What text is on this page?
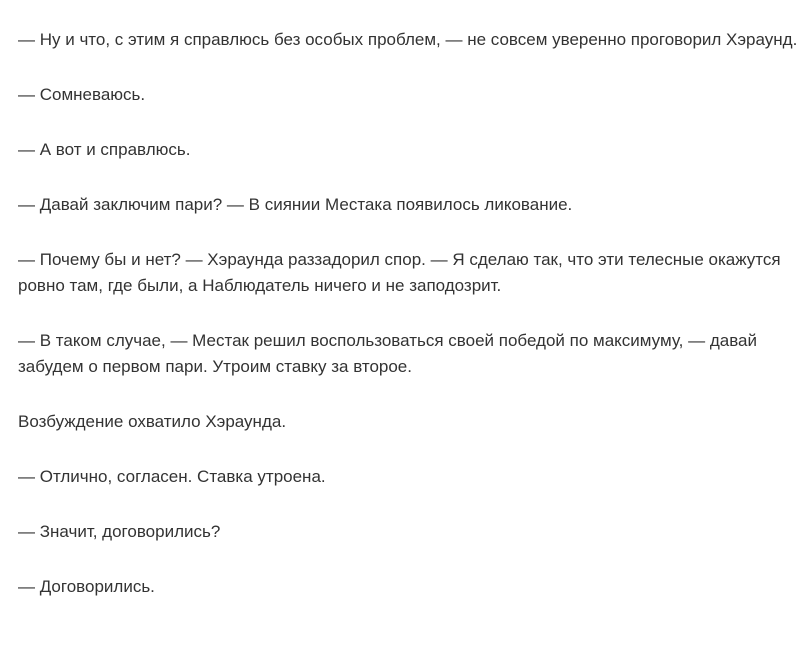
— Ну и что, с этим я справлюсь без особых проблем, — не совсем уверенно проговорил Хэраунд.

— Сомневаюсь.

— А вот и справлюсь.

— Давай заключим пари? — В сиянии Местака появилось ликование.

— Почему бы и нет? — Хэраунда раззадорил спор. — Я сделаю так, что эти телесные окажутся ровно там, где были, а Наблюдатель ничего и не заподозрит.

— В таком случае, — Местак решил воспользоваться своей победой по максимуму, — давай забудем о первом пари. Утроим ставку за второе.

Возбуждение охватило Хэраунда.

— Отлично, согласен. Ставка утроена.

— Значит, договорились?

— Договорились.
